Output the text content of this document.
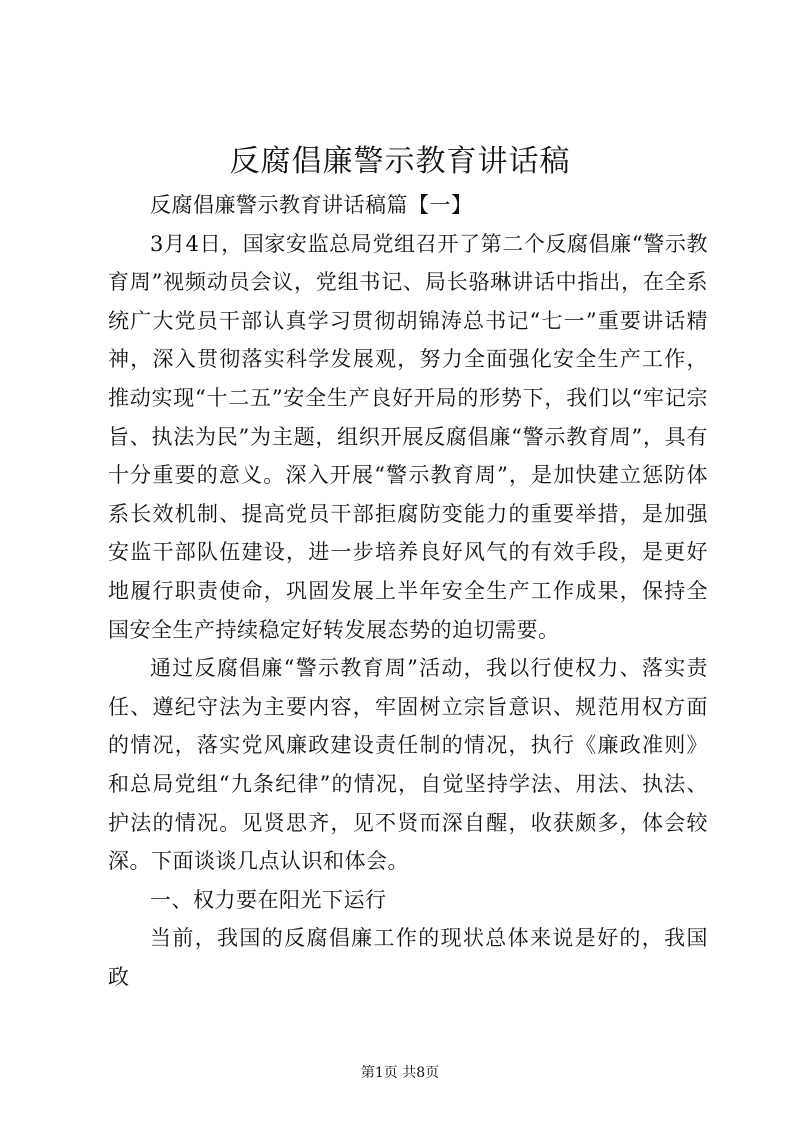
反腐倡廉警示教育讲话稿

反腐倡廉警示教育讲话稿篇【一】

3月4日，国家安监总局党组召开了第二个反腐倡廉“警示教育周”视频动员会议，党组书记、局长骆琳讲话中指出，在全系统广大党员干部认真学习贯彻胡锦涛总书记“七一”重要讲话精神，深入贯彻落实科学发展观，努力全面强化安全生产工作，推动实现“十二五”安全生产良好开局的形势下，我们以“牢记宗旨、执法为民”为主题，组织开展反腐倡廉“警示教育周”，具有十分重要的意义。深入开展“警示教育周”，是加快建立惩防体系长效机制、提高党员干部拒腐防变能力的重要举措，是加强安监干部队伍建设，进一步培养良好风气的有效手段，是更好地履行职责使命，巩固发展上半年安全生产工作成果，保持全国安全生产持续稳定好转发展态势的迫切需要。

通过反腐倡廉“警示教育周”活动，我以行使权力、落实责任、遵纪守法为主要内容，牢固树立宗旨意识、规范用权方面的情况，落实党风廉政建设责任制的情况，执行《廉政准则》和总局党组“九条纪律”的情况，自觉坚持学法、用法、执法、护法的情况。见贤思齐，见不贤而深自醒，收获颇多，体会较深。下面谈谈几点认识和体会。

一、权力要在阳光下运行

当前，我国的反腐倡廉工作的现状总体来说是好的，我国政

第1页 共8页
